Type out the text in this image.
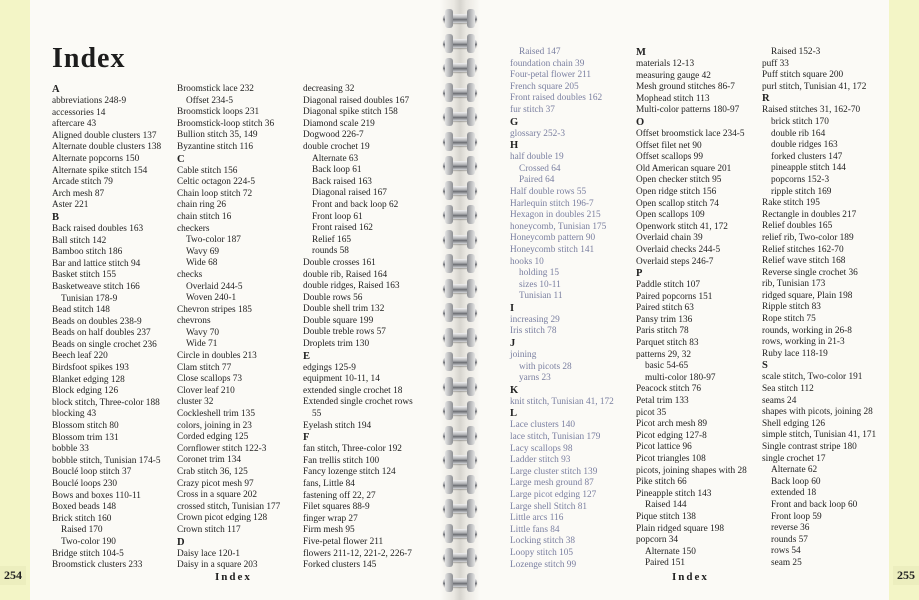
Index
A
abbreviations 248-9
accessories 14
aftercare 43
Aligned double clusters 137
Alternate double clusters 138
Alternate popcorns 150
Alternate spike stitch 154
Arcade stitch 79
Arch mesh 87
Aster 221
B
Back raised doubles 163
Ball stitch 142
Bamboo stitch 186
Bar and lattice stitch 94
Basket stitch 155
Basketweave stitch 166
Tunisian 178-9
Bead stitch 148
Beads on doubles 238-9
Beads on half doubles 237
Beads on single crochet 236
Beech leaf 220
Birdsfoot spikes 193
Blanket edging 128
Block edging 126
block stitch, Three-color 188
blocking 43
Blossom stitch 80
Blossom trim 131
bobble 33
bobble stitch, Tunisian 174-5
Bouclé loop stitch 37
Bouclé loops 230
Bows and boxes 110-11
Boxed beads 148
Brick stitch 160
Raised 170
Two-color 190
Bridge stitch 104-5
Broomstick clusters 233
Broomstick lace 232
Offset 234-5
Broomstick loops 231
Broomstick-loop stitch 36
Bullion stitch 35, 149
Byzantine stitch 116
C
Cable stitch 156
Celtic octagon 224-5
Chain loop stitch 72
chain ring 26
chain stitch 16
checkers
Two-color 187
Wavy 69
Wide 68
checks
Overlaid 244-5
Woven 240-1
Chevron stripes 185
chevrons
Wavy 70
Wide 71
Circle in doubles 213
Clam stitch 77
Close scallops 73
Clover leaf 210
cluster 32
Cockleshell trim 135
colors, joining in 23
Corded edging 125
Cornflower stitch 122-3
Coronet trim 134
Crab stitch 36, 125
Crazy picot mesh 97
Cross in a square 202
crossed stitch, Tunisian 177
Crown picot edging 128
Crown stitch 117
D
Daisy lace 120-1
Daisy in a square 203
decreasing 32
Diagonal raised doubles 167
Diagonal spike stitch 158
Diamond scale 219
Dogwood 226-7
double crochet 19
Alternate 63
Back loop 61
Back raised 163
Diagonal raised 167
Front and back loop 62
Front loop 61
Front raised 162
Relief 165
rounds 58
Double crosses 161
double rib, Raised 164
double ridges, Raised 163
Double rows 56
Double shell trim 132
Double square 199
Double treble rows 57
Droplets trim 130
E
edgings 125-9
equipment 10-11, 14
extended single crochet 18
Extended single crochet rows
55
Eyelash stitch 194
F
fan stitch, Three-color 192
Fan trellis stitch 100
Fancy lozenge stitch 124
fans, Little 84
fastening off 22, 27
Filet squares 88-9
finger wrap 27
Firm mesh 95
Five-petal flower 211
flowers 211-12, 221-2, 226-7
Forked clusters 145
Raised 147
foundation chain 39
Four-petal flower 211
French square 205
Front raised doubles 162
fur stitch 37
G
glossary 252-3
H
half double 19
Crossed 64
Paired 64
Half double rows 55
Harlequin stitch 196-7
Hexagon in doubles 215
honeycomb, Tunisian 175
Honeycomb pattern 90
Honeycomb stitch 141
hooks 10
holding 15
sizes 10-11
Tunisian 11
I
increasing 29
Iris stitch 78
J
joining
with picots 28
yarns 23
K
knit stitch, Tunisian 41, 172
L
Lace clusters 140
lace stitch, Tunisian 179
Lacy scallops 98
Ladder stitch 93
Large cluster stitch 139
Large mesh ground 87
Large picot edging 127
Large shell Stitch 81
Little arcs 116
Little fans 84
Locking stitch 38
Loopy stitch 105
Lozenge stitch 99
M
materials 12-13
measuring gauge 42
Mesh ground stitches 86-7
Mophead stitch 113
Multi-color patterns 180-97
O
Offset broomstick lace 234-5
Offset filet net 90
Offset scallops 99
Old American square 201
Open checker stitch 95
Open ridge stitch 156
Open scallop stitch 74
Open scallops 109
Openwork stitch 41, 172
Overlaid chain 39
Overlaid checks 244-5
Overlaid steps 246-7
P
Paddle stitch 107
Paired popcorns 151
Paired stitch 63
Pansy trim 136
Paris stitch 78
Parquet stitch 83
patterns 29, 32
basic 54-65
multi-color 180-97
Peacock stitch 76
Petal trim 133
picot 35
Picot arch mesh 89
Picot edging 127-8
Picot lattice 96
Picot triangles 108
picots, joining shapes with 28
Pike stitch 66
Pineapple stitch 143
Raised 144
Pique stitch 138
Plain ridged square 198
popcorn 34
Alternate 150
Paired 151
Raised 152-3
puff 33
Puff stitch square 200
purl stitch, Tunisian 41, 172
R
Raised stitches 31, 162-70
brick stitch 170
double rib 164
double ridges 163
forked clusters 147
pineapple stitch 144
popcorns 152-3
ripple stitch 169
Rake stitch 195
Rectangle in doubles 217
Relief doubles 165
relief rib, Two-color 189
Relief stitches 162-70
Relief wave stitch 168
Reverse single crochet 36
rib, Tunisian 173
ridged square, Plain 198
Ripple stitch 83
Rope stitch 75
rounds, working in 26-8
rows, working in 21-3
Ruby lace 118-19
S
scale stitch, Two-color 191
Sea stitch 112
seams 24
shapes with picots, joining 28
Shell edging 126
simple stitch, Tunisian 41, 171
Single contrast stripe 180
single crochet 17
Alternate 62
Back loop 60
extended 18
Front and back loop 60
Front loop 59
reverse 36
rounds 57
rows 54
seam 25
254	255
Index	Index
